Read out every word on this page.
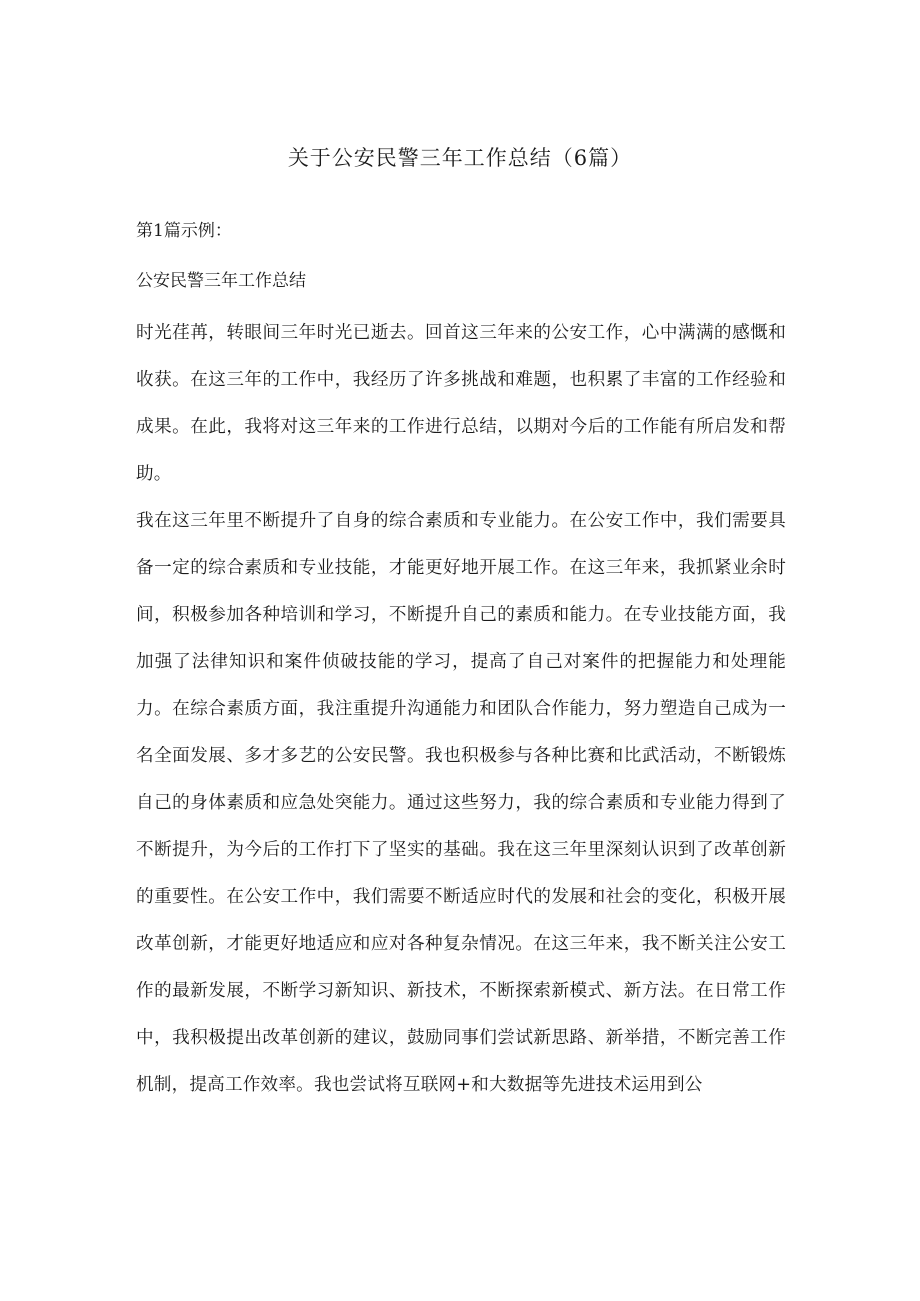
关于公安民警三年工作总结（6篇）
第1篇示例：
公安民警三年工作总结

时光荏苒，转眼间三年时光已逝去。回首这三年来的公安工作，心中满满的感慨和收获。在这三年的工作中，我经历了许多挑战和难题，也积累了丰富的工作经验和成果。在此，我将对这三年来的工作进行总结，以期对今后的工作能有所启发和帮助。

我在这三年里不断提升了自身的综合素质和专业能力。在公安工作中，我们需要具备一定的综合素质和专业技能，才能更好地开展工作。在这三年来，我抓紧业余时间，积极参加各种培训和学习，不断提升自己的素质和能力。在专业技能方面，我加强了法律知识和案件侦破技能的学习，提高了自己对案件的把握能力和处理能力。在综合素质方面，我注重提升沟通能力和团队合作能力，努力塑造自己成为一名全面发展、多才多艺的公安民警。我也积极参与各种比赛和比武活动，不断锻炼自己的身体素质和应急处突能力。通过这些努力，我的综合素质和专业能力得到了不断提升，为今后的工作打下了坚实的基础。我在这三年里深刻认识到了改革创新的重要性。在公安工作中，我们需要不断适应时代的发展和社会的变化，积极开展改革创新，才能更好地适应和应对各种复杂情况。在这三年来，我不断关注公安工作的最新发展，不断学习新知识、新技术，不断探索新模式、新方法。在日常工作中，我积极提出改革创新的建议，鼓励同事们尝试新思路、新举措，不断完善工作机制，提高工作效率。我也尝试将互联网+和大数据等先进技术运用到公
